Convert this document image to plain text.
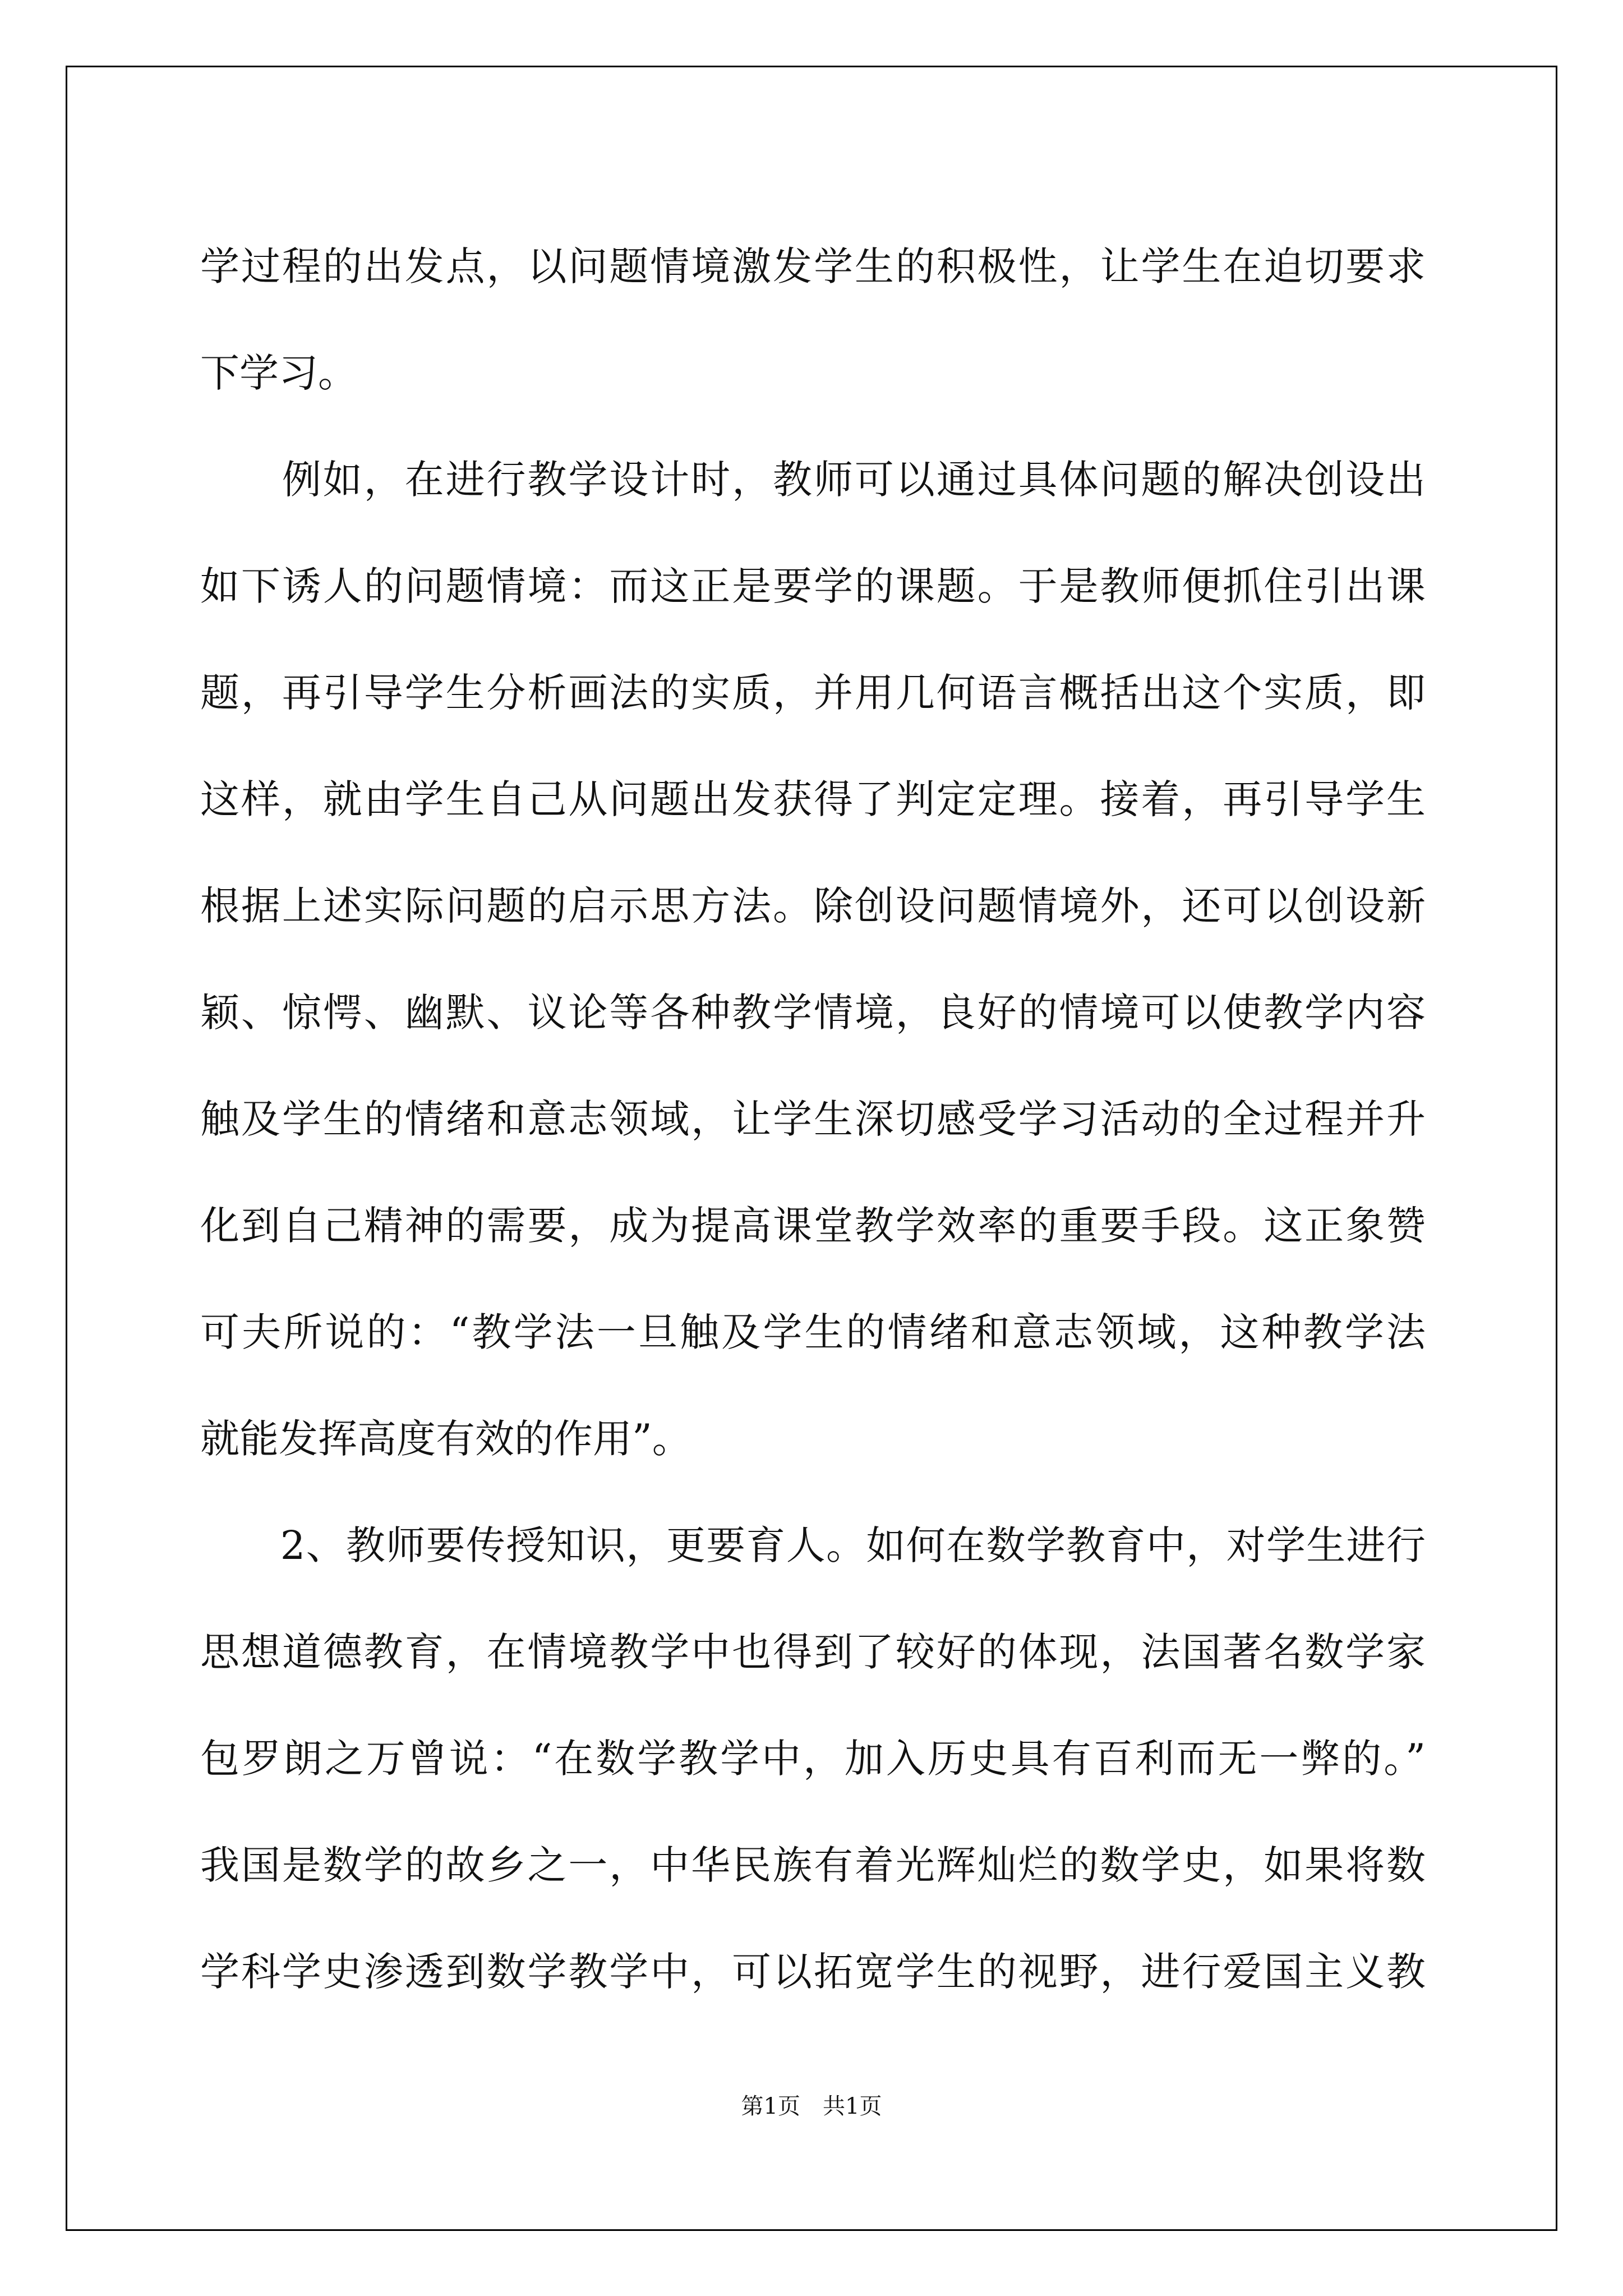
学过程的出发点，以问题情境激发学生的积极性，让学生在迫切要求
下学习。
　　例如，在进行教学设计时，教师可以通过具体问题的解决创设出
如下诱人的问题情境：而这正是要学的课题。于是教师便抓住引出课
题，再引导学生分析画法的实质，并用几何语言概括出这个实质，即
这样，就由学生自己从问题出发获得了判定定理。接着，再引导学生
根据上述实际问题的启示思方法。除创设问题情境外，还可以创设新
颖、惊愕、幽默、议论等各种教学情境，良好的情境可以使教学内容
触及学生的情绪和意志领域，让学生深切感受学习活动的全过程并升
化到自己精神的需要，成为提高课堂教学效率的重要手段。这正象赞
可夫所说的：“教学法一旦触及学生的情绪和意志领域，这种教学法
就能发挥高度有效的作用”。
　　2、教师要传授知识，更要育人。如何在数学教育中，对学生进行
思想道德教育，在情境教学中也得到了较好的体现，法国著名数学家
包罗朗之万曾说：“在数学教学中，加入历史具有百利而无一弊的。”
我国是数学的故乡之一，中华民族有着光辉灿烂的数学史，如果将数
学科学史渗透到数学教学中，可以拓宽学生的视野，进行爱国主义教
第1页　共1页
